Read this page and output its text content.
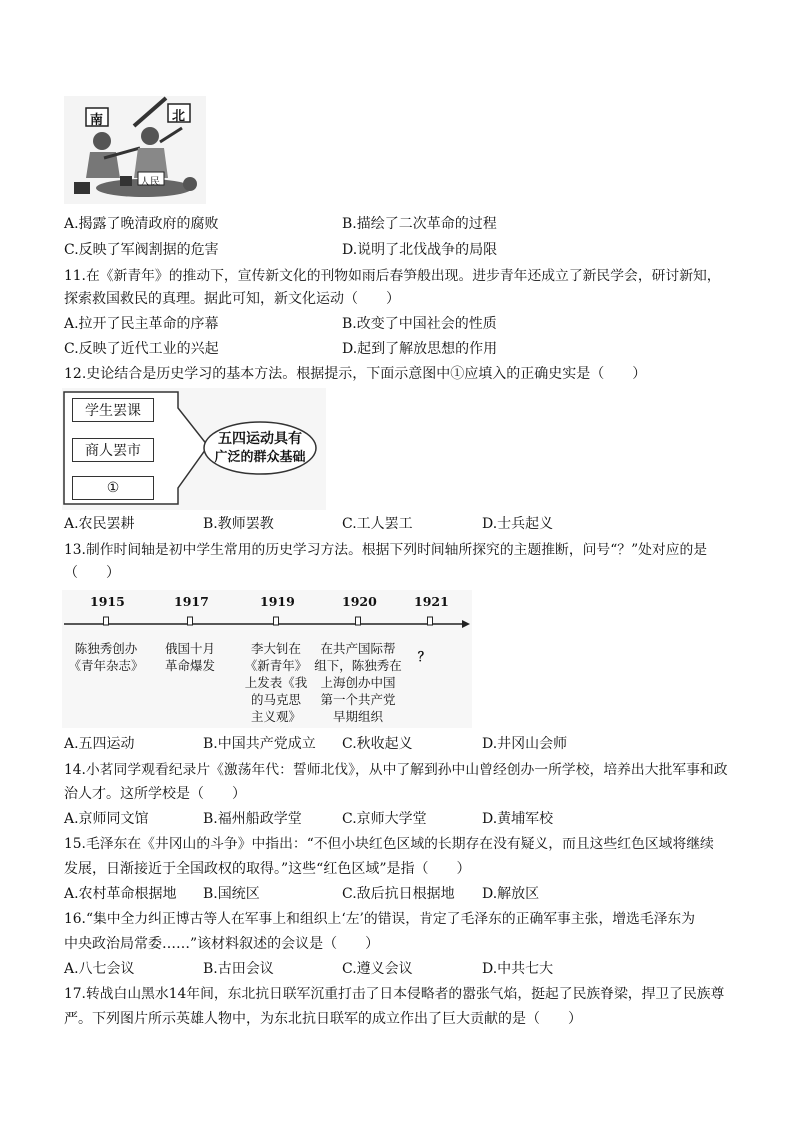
南	北
人民
A.揭露了晚清政府的腐败	B.描绘了二次革命的过程
C.反映了军阀割据的危害	D.说明了北伐战争的局限
11.在《新青年》的推动下，宣传新文化的刊物如雨后春笋般出现。进步青年还成立了新民学会，研讨新知，
探索救国救民的真理。据此可知，新文化运动（　　）
A.拉开了民主革命的序幕	B.改变了中国社会的性质
C.反映了近代工业的兴起	D.起到了解放思想的作用
12.史论结合是历史学习的基本方法。根据提示，下面示意图中①应填入的正确史实是（　　）
学生罢课
商人罢市
①
五四运动具有
广泛的群众基础
A.农民罢耕	B.教师罢教	C.工人罢工	D.士兵起义
13.制作时间轴是初中学生常用的历史学习方法。根据下列时间轴所探究的主题推断，问号“？”处对应的是
（　　）
1915
陈独秀创办
《青年杂志》
1917
俄国十月
革命爆发
1919
李大钊在
《新青年》
上发表《我
的马克思
主义观》
1920
在共产国际帮
组下，陈独秀在
上海创办中国
第一个共产党
早期组织
1921
？
A.五四运动	B.中国共产党成立 C.秋收起义	D.井冈山会师
14.小茗同学观看纪录片《激荡年代：誓师北伐》，从中了解到孙中山曾经创办一所学校，培养出大批军事和政
治人才。这所学校是（　　）
A.京师同文馆	B.福州船政学堂	C.京师大学堂	D.黄埔军校
15.毛泽东在《井冈山的斗争》中指出：“不但小块红色区域的长期存在没有疑义，而且这些红色区域将继续
发展，日渐接近于全国政权的取得。”这些“红色区域”是指（　　）
A.农村革命根据地 B.国统区	C.敌后抗日根据地 D.解放区
16.“集中全力纠正博古等人在军事上和组织上‘左’的错误，肯定了毛泽东的正确军事主张，增选毛泽东为
中央政治局常委……”该材料叙述的会议是（　　）
A.八七会议	B.古田会议	C.遵义会议	D.中共七大
17.转战白山黑水14年间，东北抗日联军沉重打击了日本侵略者的嚣张气焰，挺起了民族脊梁，捍卫了民族尊
严。下列图片所示英雄人物中，为东北抗日联军的成立作出了巨大贡献的是（　　）
